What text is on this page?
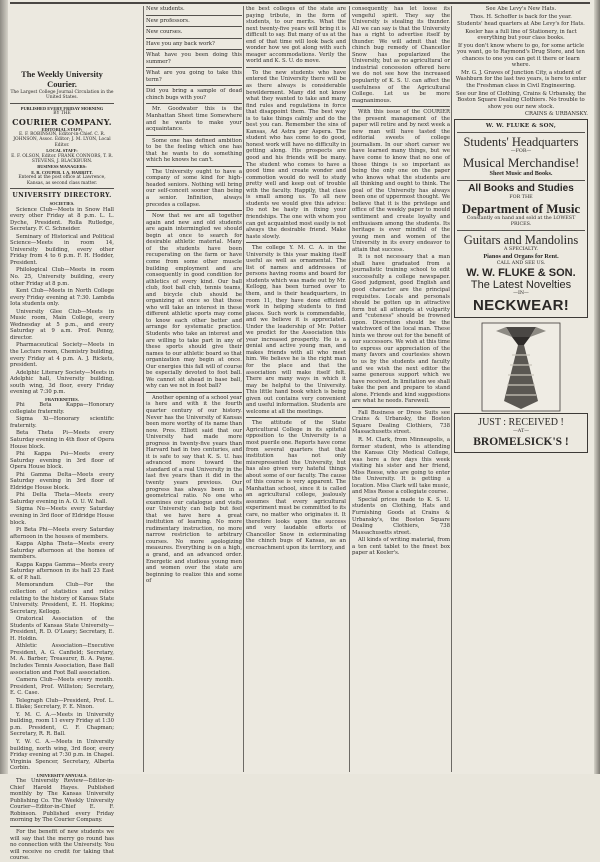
The Weekly University Courier.
The Largest College Journal Circulation in the United States.
PUBLISHED EVERY FRIDAY MORNING
BY THE
COURIER COMPANY.
EDITORIAL STAFF:
E. F. ROBINSON, Editor-in-Chief. C. R. JOHNSON, Assoc. Editor; J. M. LYON, Local Editor.
LOCAL STAFF:
E. F. OLSON, Editor. FRANK CONNORS, T. R. STEVENS, J. BLACKBURN.
BUSINESS MANAGERS:
E. R. COUPER. I. A. HARRITT.
Entered at the post office at Lawrence, Kansas, as second class matter.
UNIVERSITY DIRECTORY.
SOCIETIES.

Science Club—Meets in Snow Hall every other Friday at 8 p.m. L. L. Dyche, President. Rolla Rutledge, Secretary. F. C. Schneider.

Seminary of Historical and Political Science—Meets in room 14, University building, every other Friday from 4 to 6 p.m. F. H. Hodder, President.

Philological Club—Meets in room No. 25, University building, every other Friday at 8 p.m.

Kent Club—Meets in North College every Friday evening at 7:30. Lambda Iota students only.

University Glee Club—Meets in Music room, Main College, every Wednesday at 5 p.m., and every Saturday at 9 a.m. Prof. Penny, director.

Pharmaceutical Society—Meets in the Lecture room, Chemistry building, every Friday at 4 p.m. A. J. Rickets, president.

Adelphic Literary Society—Meets in Adelphic hall, University building, south wing, 3d floor, every Friday evening at 7:30 p.m.

FRATERNITIES.

Phi Beta Kappa—Honorary collegiate fraternity.

Sigma Xi—Honorary scientific fraternity.

Beta Theta Pi—Meets every Saturday evening in 4th floor of Opera House block.

Phi Kappa Psi—Meets every Saturday evening in 3rd floor of Opera House block.

Phi Gamma Delta—Meets every Saturday evening in 3rd floor of Eldridge House block.

Phi Delta Theta—Meets every Saturday evening in A. O. U. W. hall.

Sigma Nu—Meets every Saturday evening in 3rd floor of Eldridge House block.

Pi Beta Phi—Meets every Saturday afternoon in the houses of members.

Kappa Alpha Theta—Meets every Saturday afternoon at the homes of members.

Kappa Kappa Gamma—Meets every Saturday afternoon in its hall 23 East K. of P. hall.

Memorandum Club—For the collection of statistics and relics relating to the history of Kansas State University. President, E. H. Hopkins; Secretary, Kellogg.

Oratorical Association of the Students of Kansas State University—President, R. D. O'Leary; Secretary, E. H. Holdin.

Athletic Association—Executive President, A. G. Canfield; Secretary, M. A. Barber; Treasurer, B. A. Payne. Includes Tennis Association, Base Ball association and Foot Ball association.

Camera Club—Meets every month. President, Prof. Williston; Secretary, E. C. Case.

Telegraph Club—President, Prof. L. I. Blake; Secretary, F. E. Nixon.

Y. M. C. A.—Meets in University building, room 11 every Friday at 1:30 p.m. President, C. F. Chapman; Secretary, R. R. Ball.

Y. W. C. A.—Meets in University building, north wing, 3rd floor, every Friday evening at 7:30 p.m. in Chapel. Virginia Spencer, Secretary, Alberta Corbin.

UNIVERSITY ANNUALS.

The University Review—Editor-in-Chief Harold Hayes. Published monthly by The Kansas University Publishing Co. The Weekly University Courier—Editor-in-Chief E. F. Robinson. Published every Friday morning by The Courier Company.

For the benefit of new students we will say that the merry go round has no connection with the University. You will receive no credit for taking that course.

New students.

New professors.

New courses.

Have you any back work?

What have you been doing this summer?

What are you going to take this term?

Did you bring a sample of dead chinch bugs with you?

Mr. Goodwater this is the Manhattan Sheet time Somewhere and he wants to make your acquaintance.

Some one has defined ambition to be the feeling which one has that he wants to do something which he knows he can't.

The University ought to have a company of some kind for high-headed seniors. Nothing will bring our self-conceit sooner than being a senior. Infinition, always precedes a collapse.

Now that we are all together again and new and old students are again intermingled we should begin at once to search for desirable athletic material. Many of the students have been recuperating on the farm or have come from some other muscle building employment and are consequently in good condition for athletics of every kind. Our ball club, foot ball club, tennis teams, and bicycle club should be organizing at once so that those who will take an interest in these different athletic sports may come to know each other better and arrange for systematic practice. Students who take an interest and are willing to take part in any of these sports should give their names to our athletic board so that organization may begin at once. Our energies this fall will of course be especially devoted to foot ball. We cannot sit ahead in base ball, why can we not in foot ball?

Another opening of a school year is here and with it the fourth quarter century of our history. Never has the University of Kansas been more worthy of its name than now. Pres. Elliott said that our University had made more progress in twenty-five years than Harvard had in two centuries, and it is safe to say that K. S. U. has advanced more toward the standard of a real University in the last five years than it did in the twenty years previous. Our progress has always been in a geometrical ratio. No one who examines our catalogue and visits our University can help but feel that we have here a great institution of learning. No more rudimentary instruction, no more narrow restriction to arbitrary courses. No more apologizing measures. Everything is on a high, a grand, and an advanced order. Energetic and studious young men and women over the state are beginning to realize this and some of

the best colleges of the state are paying tribute, in the form of students, to our merits. What the next twenty-five years will bring it is difficult to say. But many of us at the end of that time will look back and wonder how we got along with such meager accommodations. Verily the world and K. S. U. do move.

To the new students who have entered the University there will be as there always is considerable bewilderment. Many did not know what they wanted to take and many find rules and regulations in force that disappoint them. The best way is to take things calmly and do the best you can. Remember the sins of Kansas, Ad Astra per Aspera. The student who has come to do good, honest work will have no difficulty in getting along. His prospects are good and his friends will be many. The student who comes to have a good time and create wonder and commotion would do well to study pretty well and keep out of trouble with the faculty. Happily, that class is small among us. To all new students we would give this advice: Do not be hasty in fixing your friendships. The one with whom you can get acquainted most easily is not always the desirable friend. Make haste slowly.

The college Y. M. C. A. in the University is this year making itself useful as well as ornamental. The list of names and addresses of persons having rooms and board for students which was made out by Mr. Kellogg, has been turned over to them, and is their headquarters, in room 11, they have done efficient work in helping students to find places. Such work is commendable, and we believe it is appreciated. Under the leadership of Mr. Potter we predict for the Association this year increased prosperity. He is a genial and active young man, and makes friends with all who meet him. We believe he is the right man for the place and that the association will make itself felt. There are many ways in which it may be helpful to the University. This little hand book which is being given out contains very convenient and useful information. Students are welcome at all the meetings.

The attitude of the State Agricultural College in its spiteful opposition to the University is a most puerile one. Reports have come from several quarters that that institution has not only misrepresented the University, but has also given very hateful things about some of our faculty. The cause of this course is very apparent. The Manhattan school, since it is called an agricultural college, jealously assumes that every agricultural experiment must be committed to its care, no matter who originates it. It therefore looks upon the success and very laudable efforts of Chancellor Snow in exterminating the chinch bugs of Kansas, as an encroachment upon its territory, and

consequently has let loose its vengeful spirit. They say the University is stealing its thunder. All we can say is that the University has a right to advertise itself by thunder. We will admit that the chinch bug remedy of Chancellor Snow has popularized the University, but as no agricultural or industrial concession offered here we do not see how the increased popularity of K. S. U. can affect the usefulness of the Agricultural College. Let us be more magnanimous.

With this issue of the COURIER the present management of the paper will retire and by next week a new man will have tasted the editorial sweets of college journalism. In our short career we have learned many things, but we have come to know that no one of those things is so important as being the only one on the paper who knows what the students are all thinking and ought to think. The goal of the University has always been one of uppermost thought. We believe that it is the privilege and office of the weekly paper to mould sentiment and create loyalty and enthusiasm among the students. Its heritage is ever mindful of the young men and women of the University in its every endeavor to attain that success.

It is not necessary that a man shall have graduated from a journalistic training school to edit successfully a college newspaper. Good judgment, good English and good character are the principal requisites. Locals and personals should be gotten up in attractive form but all attempts at vulgarity and "cuteness" should be frowned upon. Discretion should be the watchword of the local man. These hints we throw out for the benefit of our successors. We wish at this time to express our appreciation of the many favors and courtesies shown to us by the students and faculty and we wish the next editor the same generous support which we have received. In limitation we shall take the pen and prepare to stand alone. Friends and kind suggestions are what he needs. Farewell.

Fall Business or Dress Suits see Crains & Urbansky, the Boston Square Dealing Clothiers, 738 Massachusetts street.

R. M. Clark, from Minneapolis, a former student, who is attending the Kansas City Medical College, was here a few days this week visiting his sister and her friend, Miss Reese, who are going to enter the University. It is getting a location. Miss Clark will take music, and Miss Reese a collegiate course.

Special prices made to K. S. U. students on Clothing, Hats and Furnishing Goods at Crains & Urbansky's, the Boston Square Dealing Clothiers, 738 Massachusetts street.

All kinds of writing material, from a ten cent tablet to the finest box paper at Keeler's.

See Abe Levy's New Hats.

Thos. H. Schoffer is back for the year.

Students' head quarters at Abe Levy's for Hats.

Keeler has a full line of Stationery, in fact everything but your class books.

If you don't know where to go, for some article you want, go to Raymond's Drug Store, and ten chances to one you can get it there or learn where.

Mr. G. J. Graves of Junction City, a student of Washburn for the last two years, is here to enter the Freshman class in Civil Engineering.

See our line of Clothing, Crains & Urbansky, the Boston Square Dealing Clothiers. No trouble to show you our new stock.

CRAINS & URBANSKY.

W. W. FLUKE & SON,
Students' Headquarters
—FOR—
Musical Merchandise!
Sheet Music and Books.
All Books and Studies
FOR THE
Department of Music
Constantly on hand and sold at the LOWEST PRICES.
Guitars and Mandolins
A SPECIALTY.
Pianos and Organs for Rent.
CALL AND SEE US.
W. W. FLUKE & SON.
The Latest Novelties
—IN—
NECKWEAR!
JUST : RECEIVED !
—AT—
BROMELSICK'S !
